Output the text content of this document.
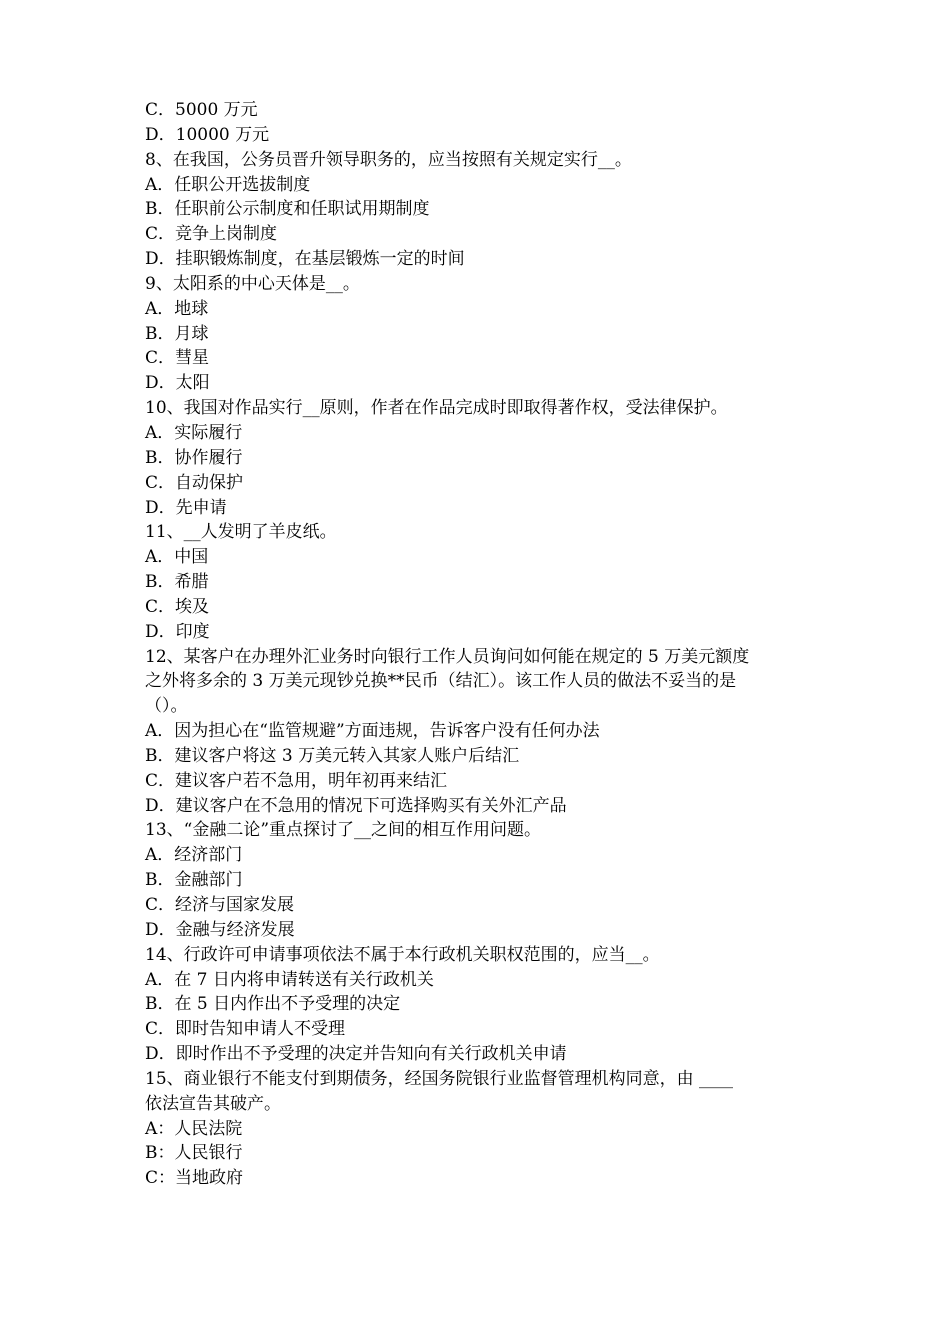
C．5000 万元
D．10000 万元
8、在我国，公务员晋升领导职务的，应当按照有关规定实行__。
A．任职公开选拔制度
B．任职前公示制度和任职试用期制度
C．竞争上岗制度
D．挂职锻炼制度，在基层锻炼一定的时间
9、太阳系的中心天体是__。
A．地球
B．月球
C．彗星
D．太阳
10、我国对作品实行__原则，作者在作品完成时即取得著作权，受法律保护。
A．实际履行
B．协作履行
C．自动保护
D．先申请
11、__人发明了羊皮纸。
A．中国
B．希腊
C．埃及
D．印度
12、某客户在办理外汇业务时向银行工作人员询问如何能在规定的 5 万美元额度
之外将多余的 3 万美元现钞兑换**民币（结汇）。该工作人员的做法不妥当的是
（）。
A．因为担心在“监管规避”方面违规，告诉客户没有任何办法
B．建议客户将这 3 万美元转入其家人账户后结汇
C．建议客户若不急用，明年初再来结汇
D．建议客户在不急用的情况下可选择购买有关外汇产品
13、“金融二论”重点探讨了__之间的相互作用问题。
A．经济部门
B．金融部门
C．经济与国家发展
D．金融与经济发展
14、行政许可申请事项依法不属于本行政机关职权范围的，应当__。
A．在 7 日内将申请转送有关行政机关
B．在 5 日内作出不予受理的决定
C．即时告知申请人不受理
D．即时作出不予受理的决定并告知向有关行政机关申请
15、商业银行不能支付到期债务，经国务院银行业监督管理机构同意，由 ____
依法宣告其破产。
A：人民法院
B：人民银行
C：当地政府
